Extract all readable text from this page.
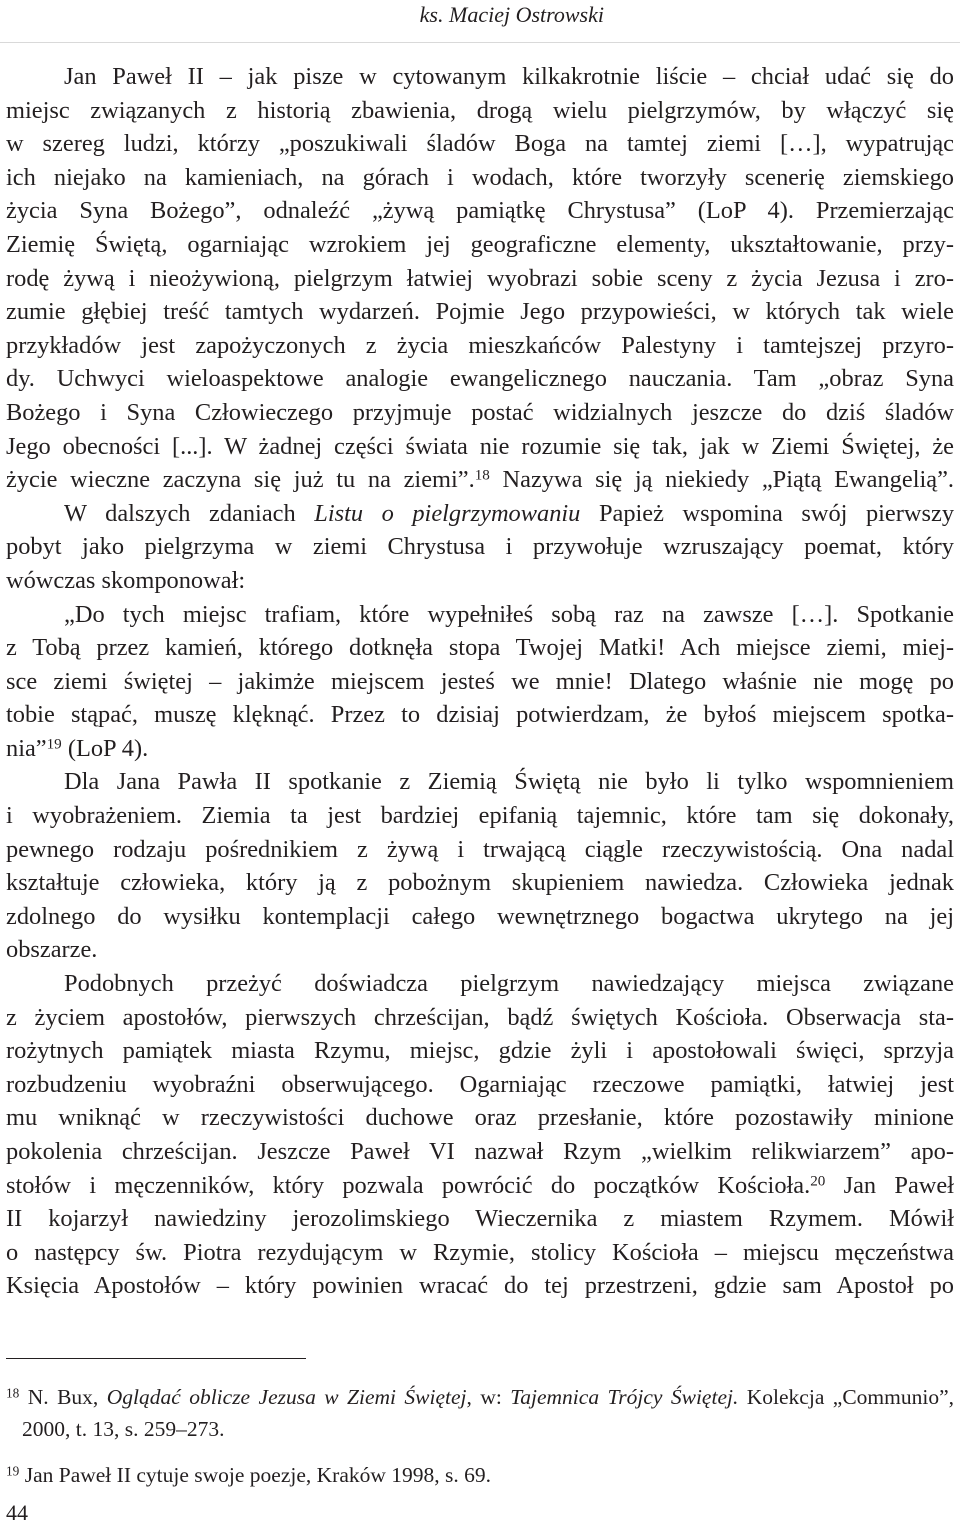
ks. Maciej Ostrowski
Jan Paweł II – jak pisze w cytowanym kilkakrotnie liście – chciał udać się do
miejsc związanych z historią zbawienia, drogą wielu pielgrzymów, by włączyć się
w szereg ludzi, którzy „poszukiwali śladów Boga na tamtej ziemi […], wypatrując
ich niejako na kamieniach, na górach i wodach, które tworzyły scenerię ziemskiego
życia Syna Bożego”, odnaleźć „żywą pamiątkę Chrystusa” (LoP 4). Przemierzając
Ziemię Świętą, ogarniając wzrokiem jej geograficzne elementy, ukształtowanie, przy-
rodę żywą i nieożywioną, pielgrzym łatwiej wyobrazi sobie sceny z życia Jezusa i zro-
zumie głębiej treść tamtych wydarzeń. Pojmie Jego przypowieści, w których tak wiele
przykładów jest zapożyczonych z życia mieszkańców Palestyny i tamtejszej przyro-
dy. Uchwyci wieloaspektowe analogie ewangelicznego nauczania. Tam „obraz Syna
Bożego i Syna Człowieczego przyjmuje postać widzialnych jeszcze do dziś śladów
Jego obecności [...]. W żadnej części świata nie rozumie się tak, jak w Ziemi Świętej, że
życie wieczne zaczyna się już tu na ziemi”.$^{18}$ Nazywa się ją niekiedy „Piątą Ewangelią”.
W dalszych zdaniach Listu o pielgrzymowaniu Papież wspomina swój pierwszy
pobyt jako pielgrzyma w ziemi Chrystusa i przywołuje wzruszający poemat, który
wówczas skomponował:
„Do tych miejsc trafiam, które wypełniłeś sobą raz na zawsze […]. Spotkanie
z Tobą przez kamień, którego dotknęła stopa Twojej Matki! Ach miejsce ziemi, miej-
sce ziemi świętej – jakimże miejscem jesteś we mnie! Dlatego właśnie nie mogę po
tobie stąpać, muszę klęknąć. Przez to dzisiaj potwierdzam, że byłoś miejscem spotka-
nia”$^{19}$ (LoP 4).
Dla Jana Pawła II spotkanie z Ziemią Świętą nie było li tylko wspomnieniem
i wyobrażeniem. Ziemia ta jest bardziej epifanią tajemnic, które tam się dokonały,
pewnego rodzaju pośrednikiem z żywą i trwającą ciągle rzeczywistością. Ona nadal
kształtuje człowieka, który ją z pobożnym skupieniem nawiedza. Człowieka jednak
zdolnego do wysiłku kontemplacji całego wewnętrznego bogactwa ukrytego na jej
obszarze.
Podobnych przeżyć doświadcza pielgrzym nawiedzający miejsca związane
z życiem apostołów, pierwszych chrześcijan, bądź świętych Kościoła. Obserwacja sta-
rożytnych pamiątek miasta Rzymu, miejsc, gdzie żyli i apostołowali święci, sprzyja
rozbudzeniu wyobraźni obserwującego. Ogarniając rzeczowe pamiątki, łatwiej jest
mu wniknąć w rzeczywistości duchowe oraz przesłanie, które pozostawiły minione
pokolenia chrześcijan. Jeszcze Paweł VI nazwał Rzym „wielkim relikwiarzem” apo-
stołów i męczenników, który pozwala powrócić do początków Kościoła.$^{20}$ Jan Paweł
II kojarzył nawiedziny jerozolimskiego Wieczernika z miastem Rzymem. Mówił
o następcy św. Piotra rezydującym w Rzymie, stolicy Kościoła – miejscu męczeństwa
Księcia Apostołów – który powinien wracać do tej przestrzeni, gdzie sam Apostoł po
$^{18}$ N. Bux, Oglądać oblicze Jezusa w Ziemi Świętej, w: Tajemnica Trójcy Świętej. Kolekcja „Communio”,
2000, t. 13, s. 259–273.
$^{19}$ Jan Paweł II cytuje swoje poezje, Kraków 1998, s. 69.
44
